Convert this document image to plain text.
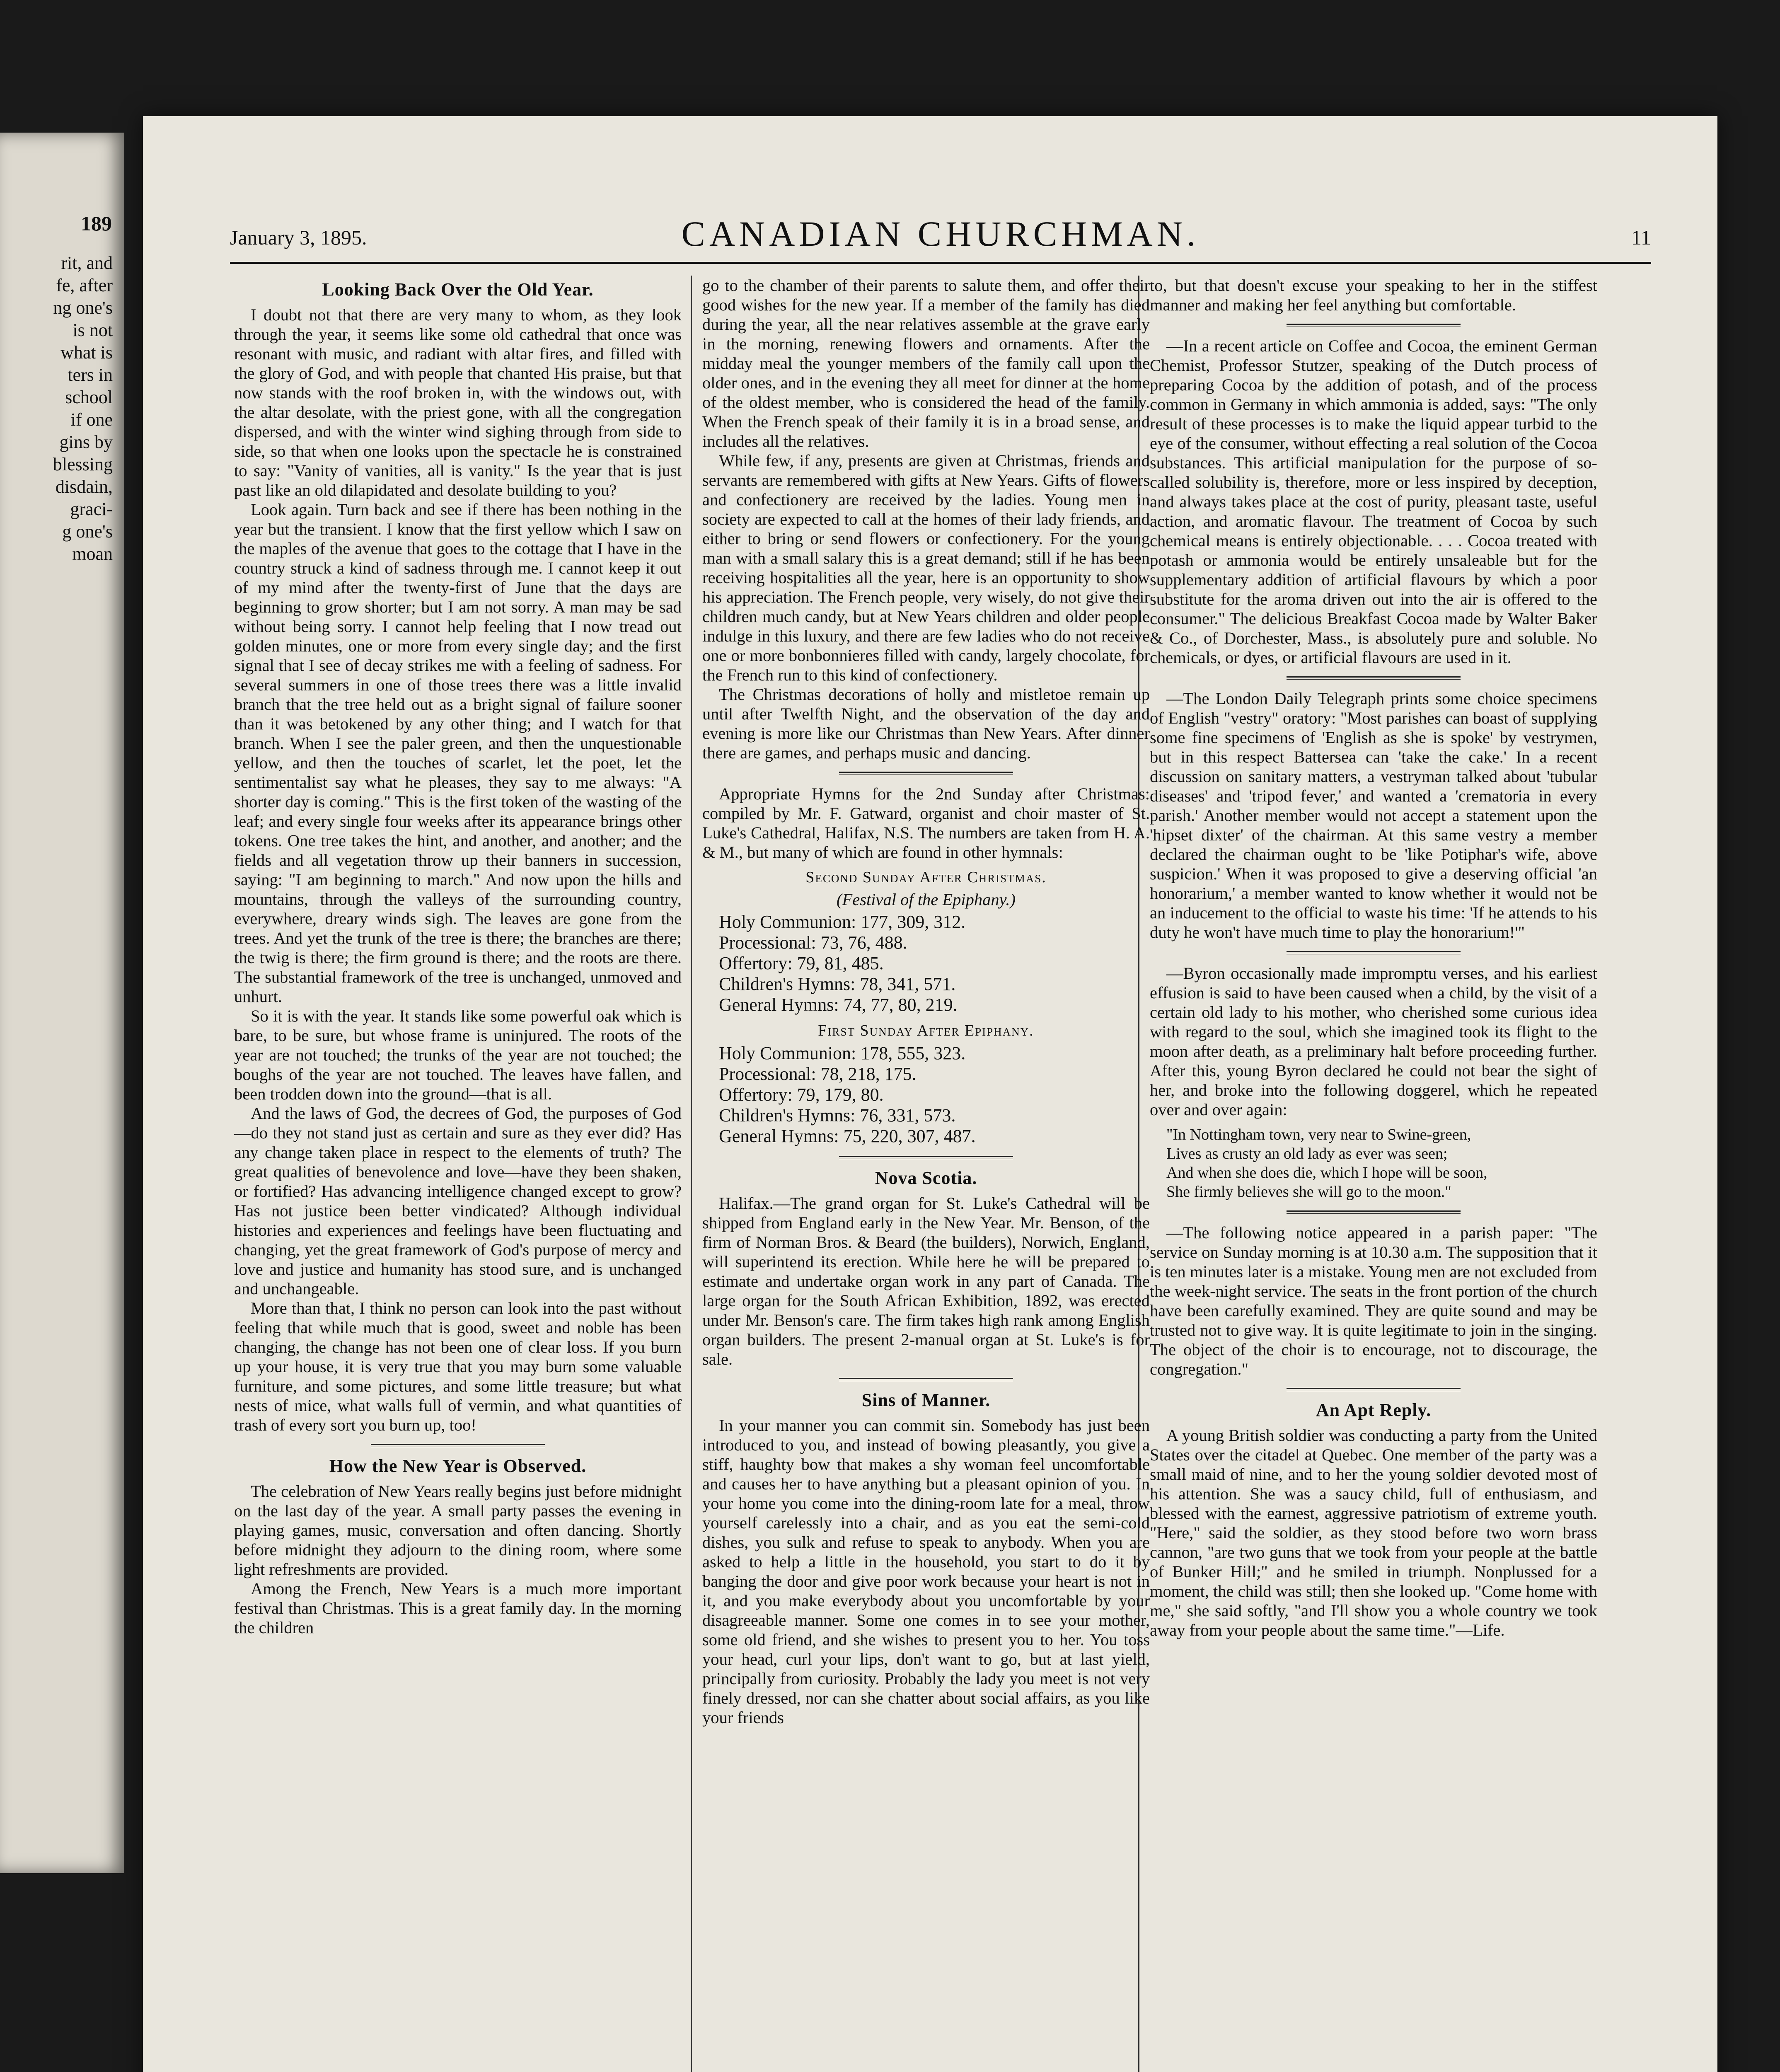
189
rit, and
fe, after
ng one's
is not
what is
ters in
school
if one
gins by
blessing
disdain,
graci-
g one's
moan
January 3, 1895.	CANADIAN CHURCHMAN.	11
Looking Back Over the Old Year.

I doubt not that there are very many to whom, as they look through the year, it seems like some old cathedral that once was resonant with music, and radiant with altar fires, and filled with the glory of God, and with people that chanted His praise, but that now stands with the roof broken in, with the windows out, with the altar desolate, with the priest gone, with all the congregation dispersed, and with the winter wind sighing through from side to side, so that when one looks upon the spectacle he is constrained to say: "Vanity of vanities, all is vanity." Is the year that is just past like an old dilapidated and desolate building to you?

Look again. Turn back and see if there has been nothing in the year but the transient. I know that the first yellow which I saw on the maples of the avenue that goes to the cottage that I have in the country struck a kind of sadness through me. I cannot keep it out of my mind after the twenty-first of June that the days are beginning to grow shorter; but I am not sorry. A man may be sad without being sorry. I cannot help feeling that I now tread out golden minutes, one or more from every single day; and the first signal that I see of decay strikes me with a feeling of sadness. For several summers in one of those trees there was a little invalid branch that the tree held out as a bright signal of failure sooner than it was betokened by any other thing; and I watch for that branch. When I see the paler green, and then the unquestionable yellow, and then the touches of scarlet, let the poet, let the sentimentalist say what he pleases, they say to me always: "A shorter day is coming." This is the first token of the wasting of the leaf; and every single four weeks after its appearance brings other tokens. One tree takes the hint, and another, and another; and the fields and all vegetation throw up their banners in succession, saying: "I am beginning to march." And now upon the hills and mountains, through the valleys of the surrounding country, everywhere, dreary winds sigh. The leaves are gone from the trees. And yet the trunk of the tree is there; the branches are there; the twig is there; the firm ground is there; and the roots are there. The substantial framework of the tree is unchanged, unmoved and unhurt.

So it is with the year. It stands like some powerful oak which is bare, to be sure, but whose frame is uninjured. The roots of the year are not touched; the trunks of the year are not touched; the boughs of the year are not touched. The leaves have fallen, and been trodden down into the ground—that is all.

And the laws of God, the decrees of God, the purposes of God—do they not stand just as certain and sure as they ever did? Has any change taken place in respect to the elements of truth? The great qualities of benevolence and love—have they been shaken, or fortified? Has advancing intelligence changed except to grow? Has not justice been better vindicated? Although individual histories and experiences and feelings have been fluctuating and changing, yet the great framework of God's purpose of mercy and love and justice and humanity has stood sure, and is unchanged and unchangeable.

More than that, I think no person can look into the past without feeling that while much that is good, sweet and noble has been changing, the change has not been one of clear loss. If you burn up your house, it is very true that you may burn some valuable furniture, and some pictures, and some little treasure; but what nests of mice, what walls full of vermin, and what quantities of trash of every sort you burn up, too!

How the New Year is Observed.

The celebration of New Years really begins just before midnight on the last day of the year. A small party passes the evening in playing games, music, conversation and often dancing. Shortly before midnight they adjourn to the dining room, where some light refreshments are provided.

Among the French, New Years is a much more important festival than Christmas. This is a great family day. In the morning the children

go to the chamber of their parents to salute them, and offer their good wishes for the new year. If a member of the family has died during the year, all the near relatives assemble at the grave early in the morning, renewing flowers and ornaments. After the midday meal the younger members of the family call upon the older ones, and in the evening they all meet for dinner at the home of the oldest member, who is considered the head of the family. When the French speak of their family it is in a broad sense, and includes all the relatives.

While few, if any, presents are given at Christmas, friends and servants are remembered with gifts at New Years. Gifts of flowers and confectionery are received by the ladies. Young men in society are expected to call at the homes of their lady friends, and either to bring or send flowers or confectionery. For the young man with a small salary this is a great demand; still if he has been receiving hospitalities all the year, here is an opportunity to show his appreciation. The French people, very wisely, do not give their children much candy, but at New Years children and older people indulge in this luxury, and there are few ladies who do not receive one or more bonbonnieres filled with candy, largely chocolate, for the French run to this kind of confectionery.

The Christmas decorations of holly and mistletoe remain up until after Twelfth Night, and the observation of the day and evening is more like our Christmas than New Years. After dinner there are games, and perhaps music and dancing.

Appropriate Hymns for the 2nd Sunday after Christmas: compiled by Mr. F. Gatward, organist and choir master of St. Luke's Cathedral, Halifax, N.S. The numbers are taken from H. A. & M., but many of which are found in other hymnals:

Second Sunday After Christmas.
(Festival of the Epiphany.)
Holy Communion: 177, 309, 312.
Processional: 73, 76, 488.
Offertory: 79, 81, 485.
Children's Hymns: 78, 341, 571.
General Hymns: 74, 77, 80, 219.
First Sunday After Epiphany.
Holy Communion: 178, 555, 323.
Processional: 78, 218, 175.
Offertory: 79, 179, 80.
Children's Hymns: 76, 331, 573.
General Hymns: 75, 220, 307, 487.
Nova Scotia.

Halifax.—The grand organ for St. Luke's Cathedral will be shipped from England early in the New Year. Mr. Benson, of the firm of Norman Bros. & Beard (the builders), Norwich, England, will superintend its erection. While here he will be prepared to estimate and undertake organ work in any part of Canada. The large organ for the South African Exhibition, 1892, was erected under Mr. Benson's care. The firm takes high rank among English organ builders. The present 2-manual organ at St. Luke's is for sale.

Sins of Manner.

In your manner you can commit sin. Somebody has just been introduced to you, and instead of bowing pleasantly, you give a stiff, haughty bow that makes a shy woman feel uncomfortable and causes her to have anything but a pleasant opinion of you. In your home you come into the dining-room late for a meal, throw yourself carelessly into a chair, and as you eat the semi-cold dishes, you sulk and refuse to speak to anybody. When you are asked to help a little in the household, you start to do it by banging the door and give poor work because your heart is not in it, and you make everybody about you uncomfortable by your disagreeable manner. Some one comes in to see your mother, some old friend, and she wishes to present you to her. You toss your head, curl your lips, don't want to go, but at last yield, principally from curiosity. Probably the lady you meet is not very finely dressed, nor can she chatter about social affairs, as you like your friends

to, but that doesn't excuse your speaking to her in the stiffest manner and making her feel anything but comfortable.

—In a recent article on Coffee and Cocoa, the eminent German Chemist, Professor Stutzer, speaking of the Dutch process of preparing Cocoa by the addition of potash, and of the process common in Germany in which ammonia is added, says: "The only result of these processes is to make the liquid appear turbid to the eye of the consumer, without effecting a real solution of the Cocoa substances. This artificial manipulation for the purpose of so-called solubility is, therefore, more or less inspired by deception, and always takes place at the cost of purity, pleasant taste, useful action, and aromatic flavour. The treatment of Cocoa by such chemical means is entirely objectionable. . . . Cocoa treated with potash or ammonia would be entirely unsaleable but for the supplementary addition of artificial flavours by which a poor substitute for the aroma driven out into the air is offered to the consumer." The delicious Breakfast Cocoa made by Walter Baker & Co., of Dorchester, Mass., is absolutely pure and soluble. No chemicals, or dyes, or artificial flavours are used in it.

—The London Daily Telegraph prints some choice specimens of English "vestry" oratory: "Most parishes can boast of supplying some fine specimens of 'English as she is spoke' by vestrymen, but in this respect Battersea can 'take the cake.' In a recent discussion on sanitary matters, a vestryman talked about 'tubular diseases' and 'tripod fever,' and wanted a 'crematoria in every parish.' Another member would not accept a statement upon the 'hipset dixter' of the chairman. At this same vestry a member declared the chairman ought to be 'like Potiphar's wife, above suspicion.' When it was proposed to give a deserving official 'an honorarium,' a member wanted to know whether it would not be an inducement to the official to waste his time: 'If he attends to his duty he won't have much time to play the honorarium!'"

—Byron occasionally made impromptu verses, and his earliest effusion is said to have been caused when a child, by the visit of a certain old lady to his mother, who cherished some curious idea with regard to the soul, which she imagined took its flight to the moon after death, as a preliminary halt before proceeding further. After this, young Byron declared he could not bear the sight of her, and broke into the following doggerel, which he repeated over and over again:

"In Nottingham town, very near to Swine-green,
Lives as crusty an old lady as ever was seen;
And when she does die, which I hope will be soon,
She firmly believes she will go to the moon."

—The following notice appeared in a parish paper: "The service on Sunday morning is at 10.30 a.m. The supposition that it is ten minutes later is a mistake. Young men are not excluded from the week-night service. The seats in the front portion of the church have been carefully examined. They are quite sound and may be trusted not to give way. It is quite legitimate to join in the singing. The object of the choir is to encourage, not to discourage, the congregation."

An Apt Reply.

A young British soldier was conducting a party from the United States over the citadel at Quebec. One member of the party was a small maid of nine, and to her the young soldier devoted most of his attention. She was a saucy child, full of enthusiasm, and blessed with the earnest, aggressive patriotism of extreme youth. "Here," said the soldier, as they stood before two worn brass cannon, "are two guns that we took from your people at the battle of Bunker Hill;" and he smiled in triumph. Nonplussed for a moment, the child was still; then she looked up. "Come home with me," she said softly, "and I'll show you a whole country we took away from your people about the same time."—Life.
